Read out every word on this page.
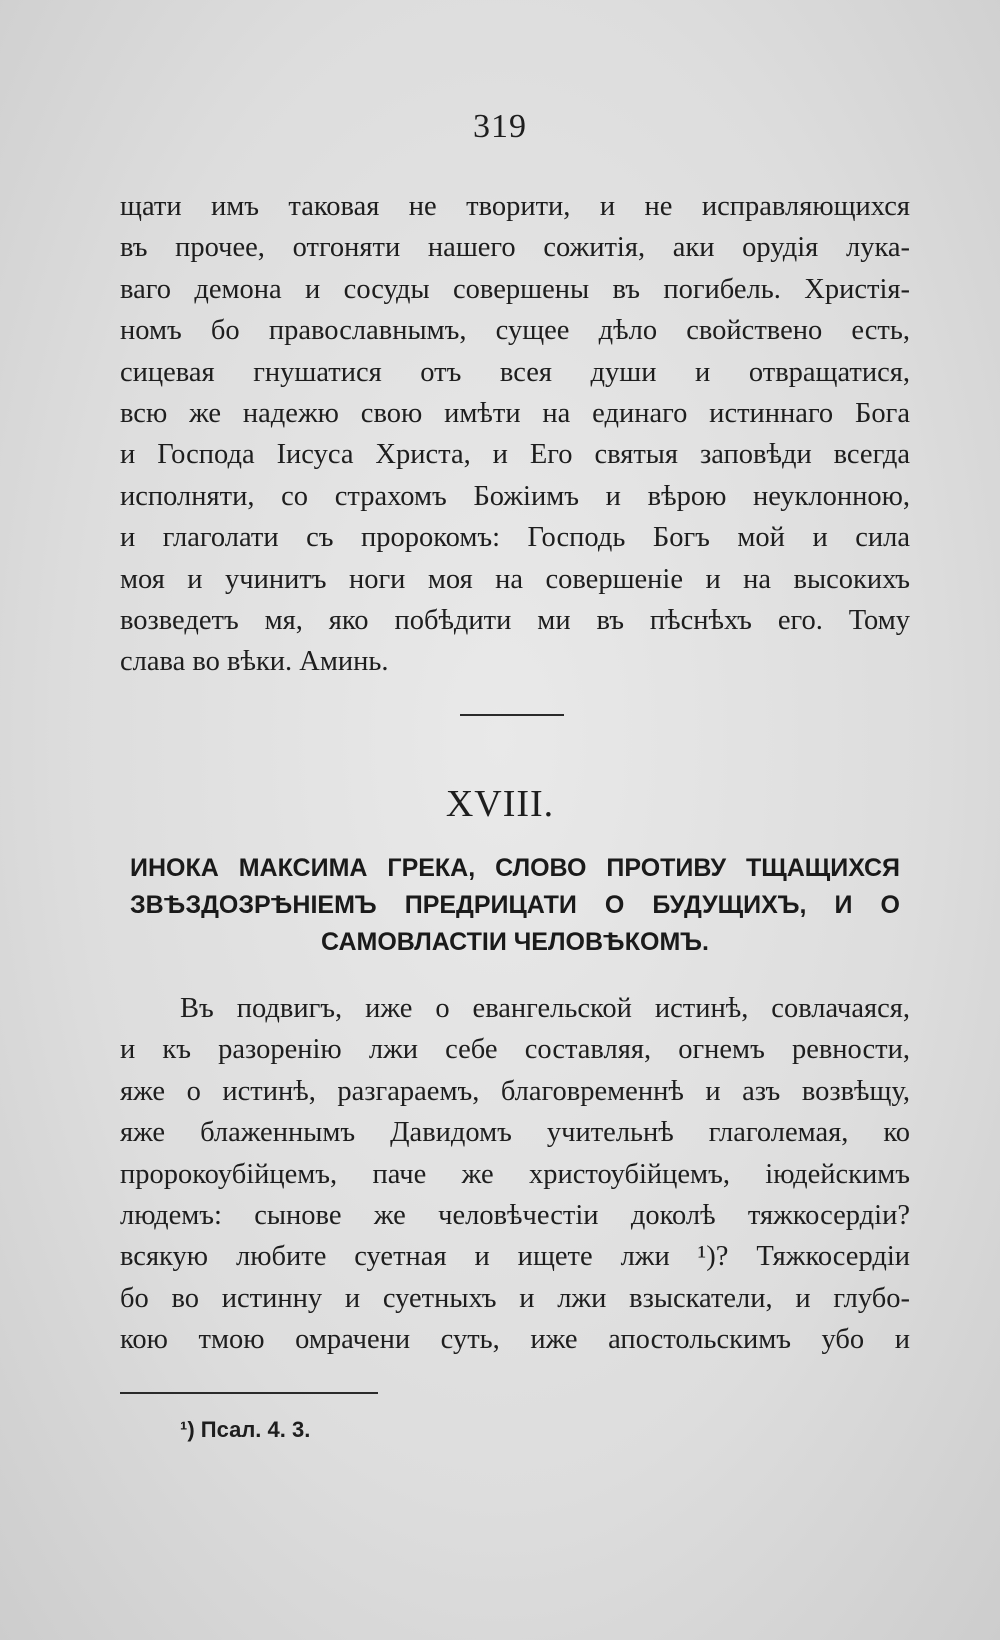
319
щати имъ таковая не творити, и не исправляющихся
въ прочее, отгоняти нашего сожитія, аки орудія лука-
ваго демона и сосуды совершены въ погибель. Христія-
номъ бо православнымъ, сущее дѣло свойствено есть,
сицевая гнушатися отъ всея души и отвращатися,
всю же надежю свою имѣти на единаго истиннаго Бога
и Господа Іисуса Христа, и Его святыя заповѣди всегда
исполняти, со страхомъ Божіимъ и вѣрою неуклонною,
и глаголати съ пророкомъ: Господь Богъ мой и сила
моя и учинитъ ноги моя на совершеніе и на высокихъ
возведетъ мя, яко побѣдити ми въ пѣснѣхъ его. Тому
слава во вѣки. Аминь.
XVIII.
ИНОКА МАКСИМА ГРЕКА, СЛОВО ПРОТИВУ ТЩАЩИХСЯ
ЗВѢЗДОЗРѢНІЕМЪ ПРЕДРИЦАТИ О БУДУЩИХЪ, И О
САМОВЛАСТІИ ЧЕЛОВѢКОМЪ.
Въ подвигъ, иже о евангельской истинѣ, совлачаяся,
и къ разоренію лжи себе составляя, огнемъ ревности,
яже о истинѣ, разгараемъ, благовременнѣ и азъ возвѣщу,
яже блаженнымъ Давидомъ учительнѣ глаголемая, ко
пророкоубійцемъ, паче же христоубійцемъ, іюдейскимъ
людемъ: сынове же человѣчестіи доколѣ тяжкосердіи?
всякую любите суетная и ищете лжи ¹)? Тяжкосердіи
бо во истинну и суетныхъ и лжи взыскатели, и глубо-
кою тмою омрачени суть, иже апостольскимъ убо и
¹) Псал. 4. 3.
